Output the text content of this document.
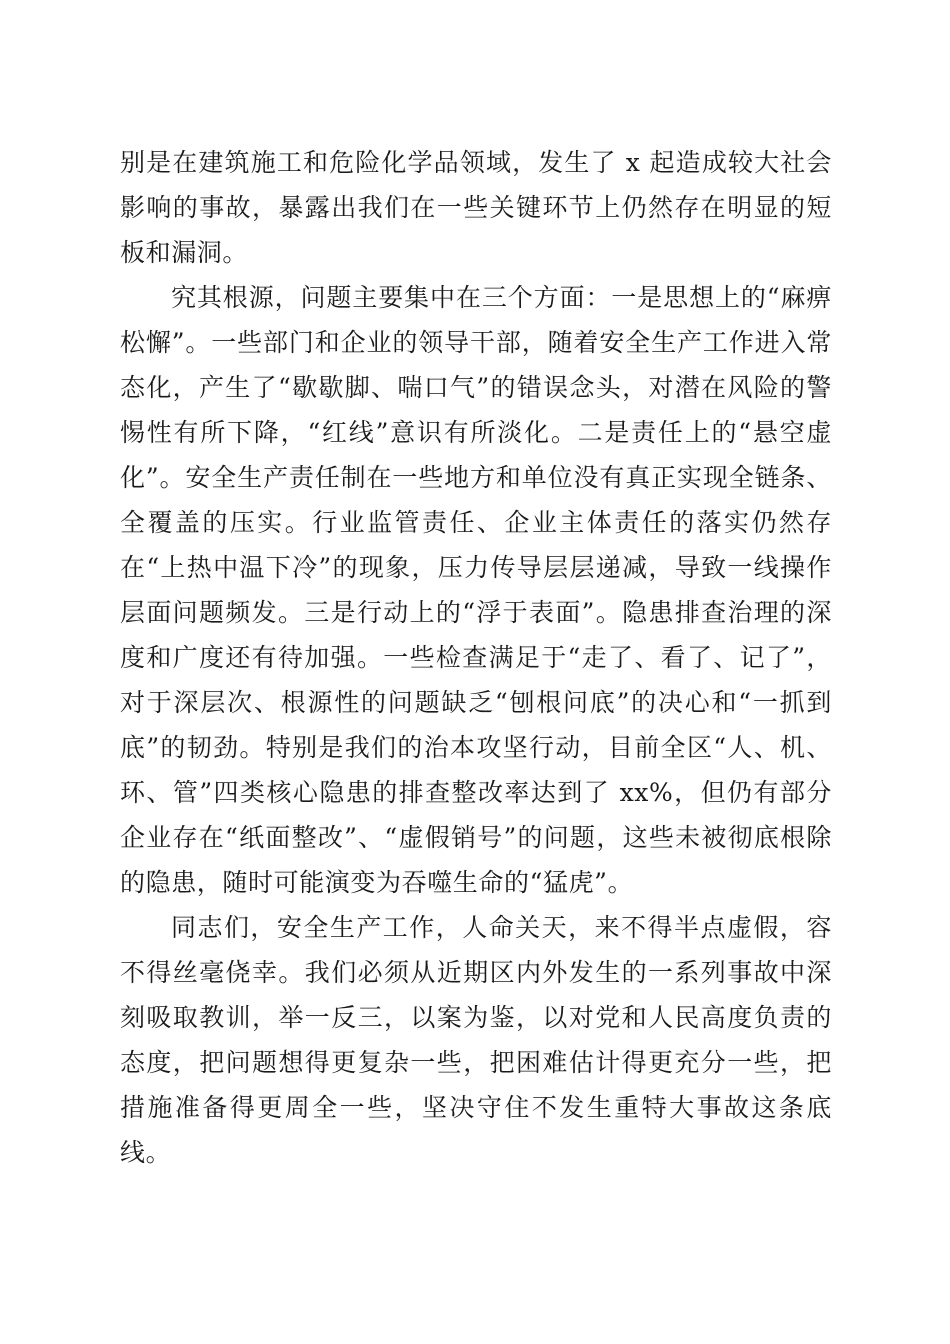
别是在建筑施工和危险化学品领域，发生了 x 起造成较大社会影响的事故，暴露出我们在一些关键环节上仍然存在明显的短板和漏洞。

究其根源，问题主要集中在三个方面：一是思想上的“麻痹松懈”。一些部门和企业的领导干部，随着安全生产工作进入常态化，产生了“歇歇脚、喘口气”的错误念头，对潜在风险的警惕性有所下降，“红线”意识有所淡化。二是责任上的“悬空虚化”。安全生产责任制在一些地方和单位没有真正实现全链条、全覆盖的压实。行业监管责任、企业主体责任的落实仍然存在“上热中温下冷”的现象，压力传导层层递减，导致一线操作层面问题频发。三是行动上的“浮于表面”。隐患排查治理的深度和广度还有待加强。一些检查满足于“走了、看了、记了”，对于深层次、根源性的问题缺乏“刨根问底”的决心和“一抓到底”的韧劲。特别是我们的治本攻坚行动，目前全区“人、机、环、管”四类核心隐患的排查整改率达到了 xx%，但仍有部分企业存在“纸面整改”、“虚假销号”的问题，这些未被彻底根除的隐患，随时可能演变为吞噬生命的“猛虎”。

同志们，安全生产工作，人命关天，来不得半点虚假，容不得丝毫侥幸。我们必须从近期区内外发生的一系列事故中深刻吸取教训，举一反三，以案为鉴，以对党和人民高度负责的态度，把问题想得更复杂一些，把困难估计得更充分一些，把措施准备得更周全一些，坚决守住不发生重特大事故这条底线。
